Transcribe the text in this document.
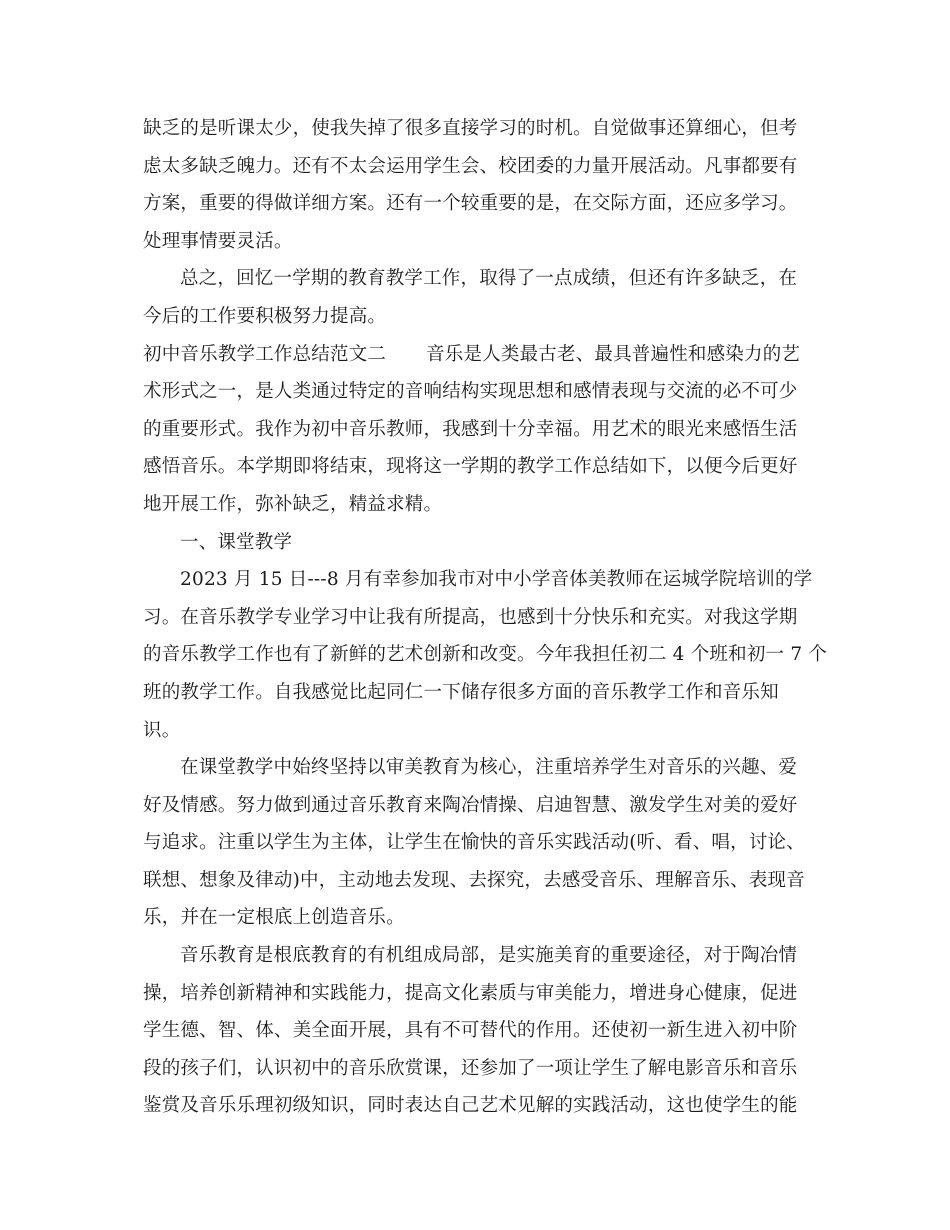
缺乏的是听课太少，使我失掉了很多直接学习的时机。自觉做事还算细心，但考
虑太多缺乏魄力。还有不太会运用学生会、校团委的力量开展活动。凡事都要有
方案，重要的得做详细方案。还有一个较重要的是，在交际方面，还应多学习。
处理事情要灵活。
总之，回忆一学期的教育教学工作，取得了一点成绩，但还有许多缺乏，在
今后的工作要积极努力提高。
初中音乐教学工作总结范文二 音乐是人类最古老、最具普遍性和感染力的艺
术形式之一，是人类通过特定的音响结构实现思想和感情表现与交流的必不可少
的重要形式。我作为初中音乐教师，我感到十分幸福。用艺术的眼光来感悟生活
感悟音乐。本学期即将结束，现将这一学期的教学工作总结如下，以便今后更好
地开展工作，弥补缺乏，精益求精。
一、课堂教学
2023 月 15 日---8 月有幸参加我市对中小学音体美教师在运城学院培训的学
习。在音乐教学专业学习中让我有所提高，也感到十分快乐和充实。对我这学期
的音乐教学工作也有了新鲜的艺术创新和改变。今年我担任初二 4 个班和初一 7 个
班的教学工作。自我感觉比起同仁一下储存很多方面的音乐教学工作和音乐知
识。
在课堂教学中始终坚持以审美教育为核心，注重培养学生对音乐的兴趣、爱
好及情感。努力做到通过音乐教育来陶冶情操、启迪智慧、激发学生对美的爱好
与追求。注重以学生为主体，让学生在愉快的音乐实践活动(听、看、唱，讨论、
联想、想象及律动)中，主动地去发现、去探究，去感受音乐、理解音乐、表现音
乐，并在一定根底上创造音乐。
音乐教育是根底教育的有机组成局部，是实施美育的重要途径，对于陶冶情
操，培养创新精神和实践能力，提高文化素质与审美能力，增进身心健康，促进
学生德、智、体、美全面开展，具有不可替代的作用。还使初一新生进入初中阶
段的孩子们，认识初中的音乐欣赏课，还参加了一项让学生了解电影音乐和音乐
鉴赏及音乐乐理初级知识，同时表达自己艺术见解的实践活动，这也使学生的能
